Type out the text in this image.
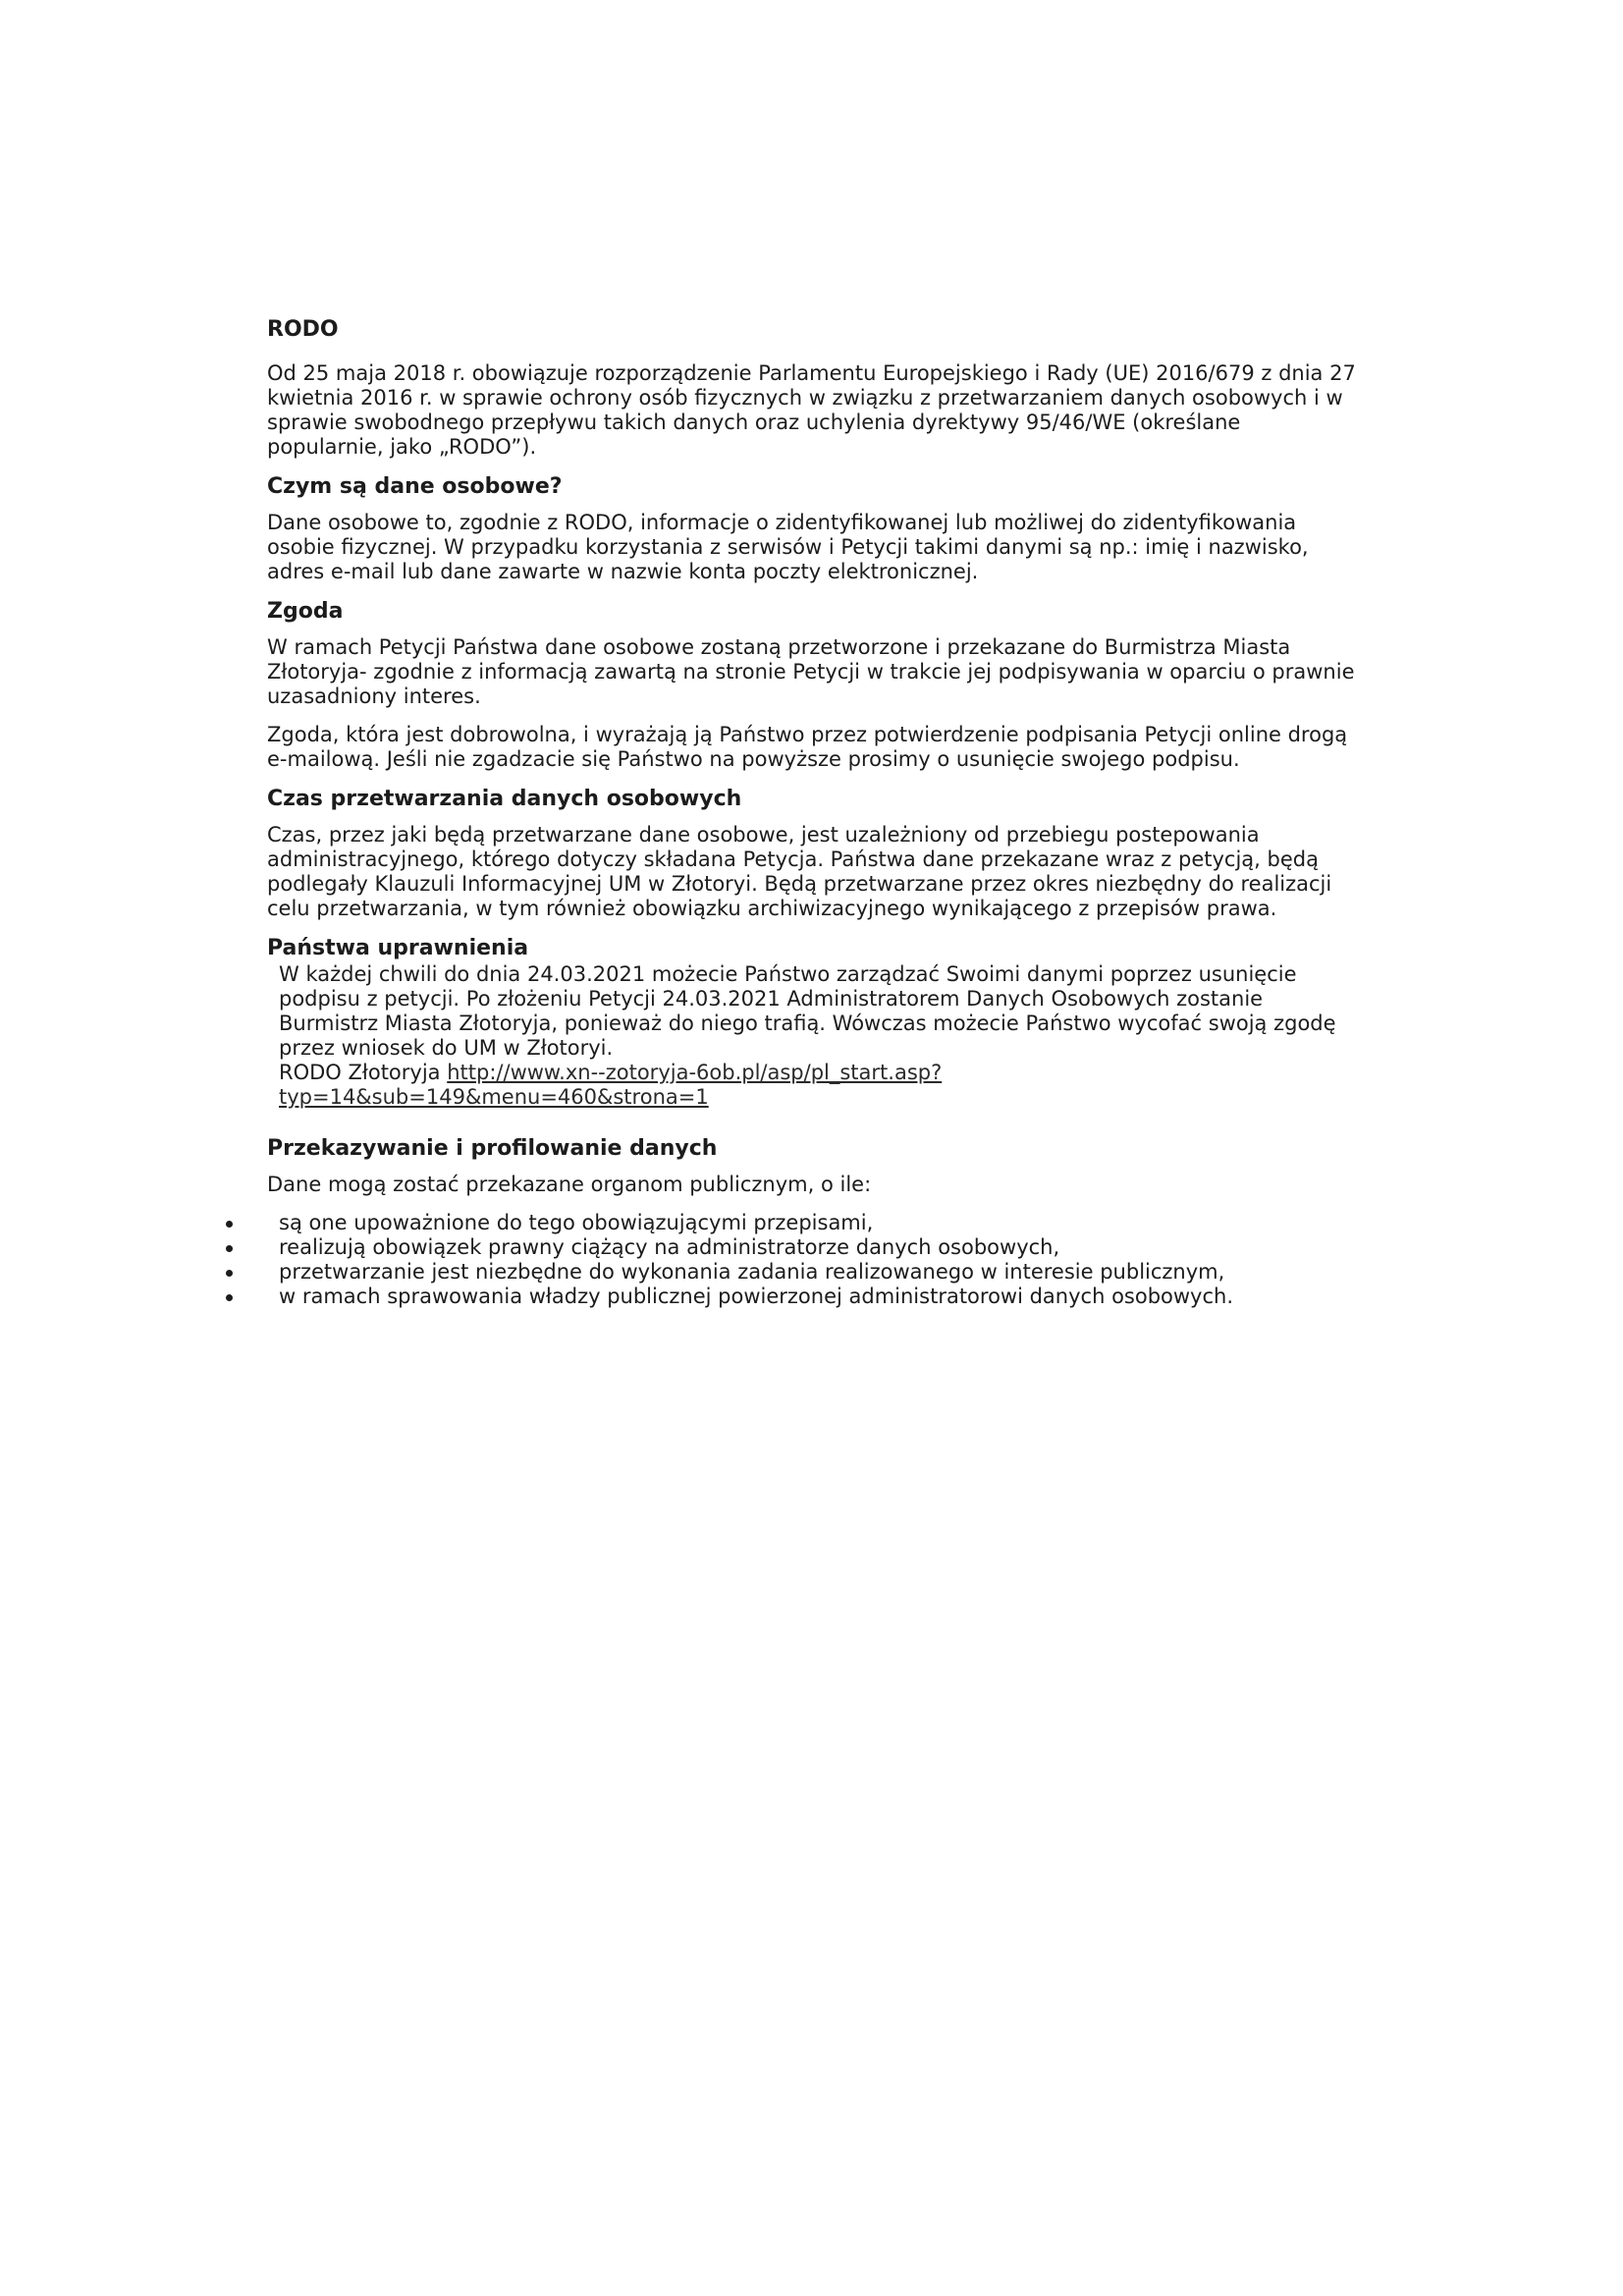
RODO

Od 25 maja 2018 r. obowiązuje rozporządzenie Parlamentu Europejskiego i Rady (UE) 2016/679 z dnia 27 kwietnia 2016 r. w sprawie ochrony osób fizycznych w związku z przetwarzaniem danych osobowych i w sprawie swobodnego przepływu takich danych oraz uchylenia dyrektywy 95/46/WE (określane popularnie, jako „RODO”).

Czym są dane osobowe?

Dane osobowe to, zgodnie z RODO, informacje o zidentyfikowanej lub możliwej do zidentyfikowania osobie fizycznej. W przypadku korzystania z serwisów i Petycji takimi danymi są np.: imię i nazwisko, adres e-mail lub dane zawarte w nazwie konta poczty elektronicznej.

Zgoda

W ramach Petycji Państwa dane osobowe zostaną przetworzone i przekazane do Burmistrza Miasta Złotoryja- zgodnie z informacją zawartą na stronie Petycji w trakcie jej podpisywania w oparciu o prawnie uzasadniony interes.

Zgoda, która jest dobrowolna, i wyrażają ją Państwo przez potwierdzenie podpisania Petycji online drogą e-mailową. Jeśli nie zgadzacie się Państwo na powyższe prosimy o usunięcie swojego podpisu.

Czas przetwarzania danych osobowych

Czas, przez jaki będą przetwarzane dane osobowe, jest uzależniony od przebiegu postepowania administracyjnego, którego dotyczy składana Petycja. Państwa dane przekazane wraz z petycją, będą podlegały Klauzuli Informacyjnej UM w Złotoryi. Będą przetwarzane przez okres niezbędny do realizacji celu przetwarzania, w tym również obowiązku archiwizacyjnego wynikającego z przepisów prawa.

Państwa uprawnienia

W każdej chwili do dnia 24.03.2021 możecie Państwo zarządzać Swoimi danymi poprzez usunięcie podpisu z petycji. Po złożeniu Petycji 24.03.2021 Administratorem Danych Osobowych zostanie Burmistrz Miasta Złotoryja, ponieważ do niego trafią. Wówczas możecie Państwo wycofać swoją zgodę przez wniosek do UM w Złotoryi.

RODO Złotoryja http://www.xn--zotoryja-6ob.pl/asp/pl_start.asp?typ=14&sub=149&menu=460&strona=1

Przekazywanie i profilowanie danych

Dane mogą zostać przekazane organom publicznym, o ile:

są one upoważnione do tego obowiązującymi przepisami,
realizują obowiązek prawny ciążący na administratorze danych osobowych,
przetwarzanie jest niezbędne do wykonania zadania realizowanego w interesie publicznym,
w ramach sprawowania władzy publicznej powierzonej administratorowi danych osobowych.
